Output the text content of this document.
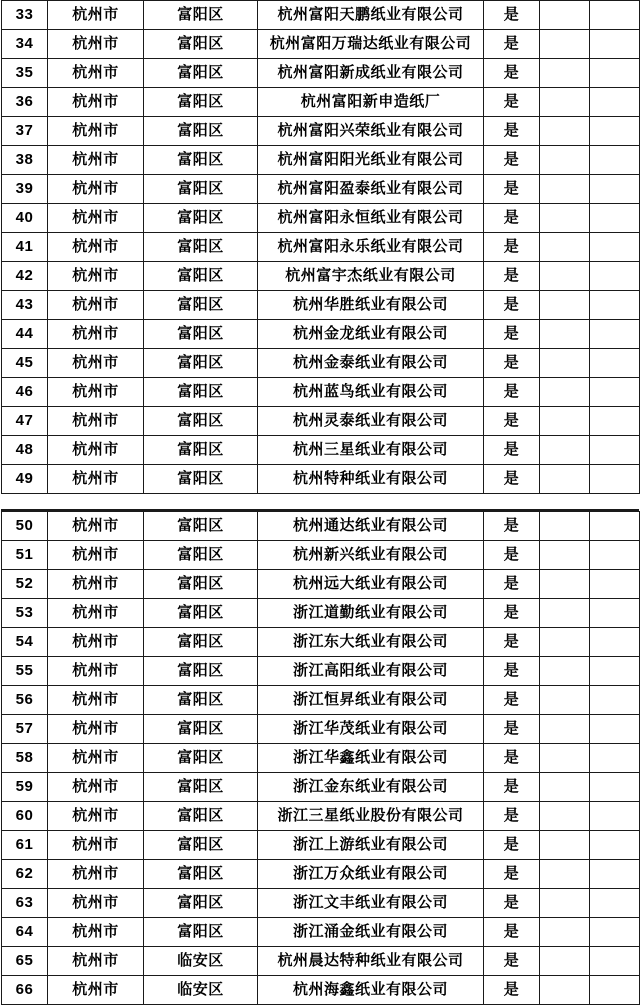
33	杭州市	富阳区	杭州富阳天鹏纸业有限公司	是		
34	杭州市	富阳区	杭州富阳万瑞达纸业有限公司	是		
35	杭州市	富阳区	杭州富阳新成纸业有限公司	是		
36	杭州市	富阳区	杭州富阳新申造纸厂	是		
37	杭州市	富阳区	杭州富阳兴荣纸业有限公司	是		
38	杭州市	富阳区	杭州富阳阳光纸业有限公司	是		
39	杭州市	富阳区	杭州富阳盈泰纸业有限公司	是		
40	杭州市	富阳区	杭州富阳永恒纸业有限公司	是		
41	杭州市	富阳区	杭州富阳永乐纸业有限公司	是		
42	杭州市	富阳区	杭州富宇杰纸业有限公司	是		
43	杭州市	富阳区	杭州华胜纸业有限公司	是		
44	杭州市	富阳区	杭州金龙纸业有限公司	是		
45	杭州市	富阳区	杭州金泰纸业有限公司	是		
46	杭州市	富阳区	杭州蓝鸟纸业有限公司	是		
47	杭州市	富阳区	杭州灵泰纸业有限公司	是		
48	杭州市	富阳区	杭州三星纸业有限公司	是		
49	杭州市	富阳区	杭州特种纸业有限公司	是		
50	杭州市	富阳区	杭州通达纸业有限公司	是		
51	杭州市	富阳区	杭州新兴纸业有限公司	是		
52	杭州市	富阳区	杭州远大纸业有限公司	是		
53	杭州市	富阳区	浙江道勤纸业有限公司	是		
54	杭州市	富阳区	浙江东大纸业有限公司	是		
55	杭州市	富阳区	浙江高阳纸业有限公司	是		
56	杭州市	富阳区	浙江恒昇纸业有限公司	是		
57	杭州市	富阳区	浙江华茂纸业有限公司	是		
58	杭州市	富阳区	浙江华鑫纸业有限公司	是		
59	杭州市	富阳区	浙江金东纸业有限公司	是		
60	杭州市	富阳区	浙江三星纸业股份有限公司	是		
61	杭州市	富阳区	浙江上游纸业有限公司	是		
62	杭州市	富阳区	浙江万众纸业有限公司	是		
63	杭州市	富阳区	浙江文丰纸业有限公司	是		
64	杭州市	富阳区	浙江涌金纸业有限公司	是		
65	杭州市	临安区	杭州晨达特种纸业有限公司	是		
66	杭州市	临安区	杭州海鑫纸业有限公司	是		
